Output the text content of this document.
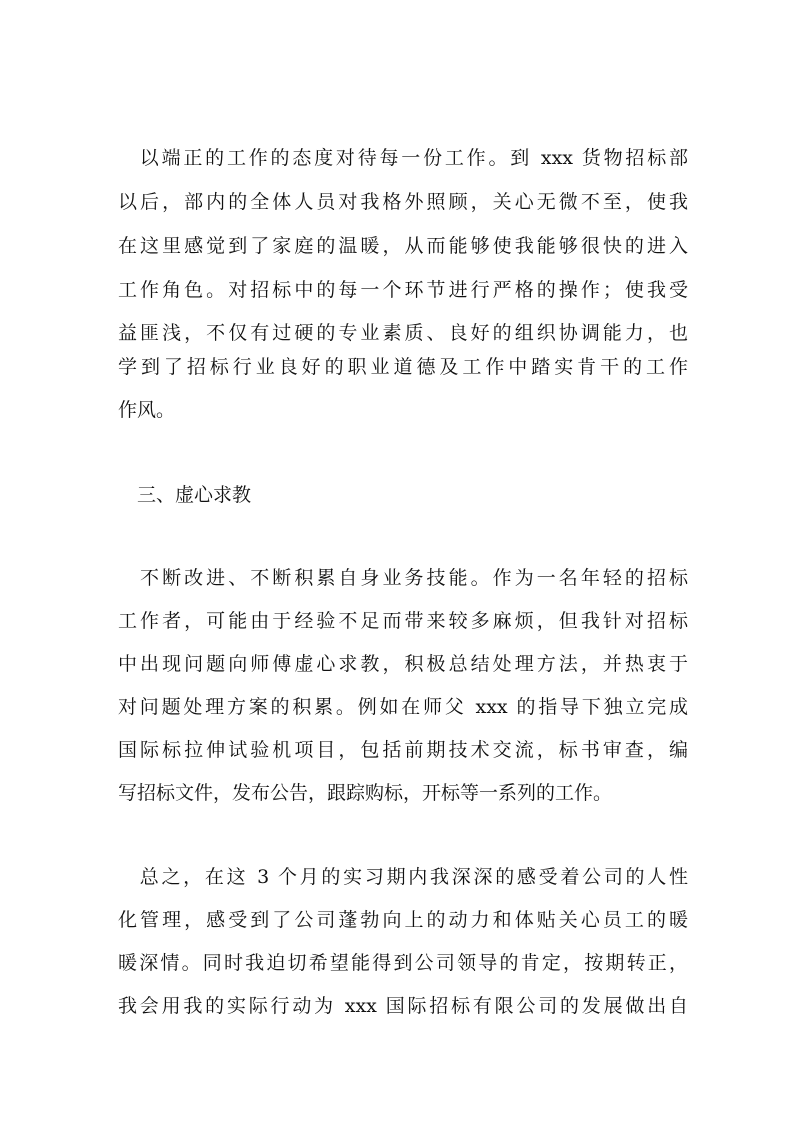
　以端正的工作的态度对待每一份工作。到 xxx 货物招标部
以后，部内的全体人员对我格外照顾，关心无微不至，使我
在这里感觉到了家庭的温暖，从而能够使我能够很快的进入
工作角色。对招标中的每一个环节进行严格的操作；使我受
益匪浅，不仅有过硬的专业素质、良好的组织协调能力，也
学到了招标行业良好的职业道德及工作中踏实肯干的工作
作风。
　三、虚心求教
　不断改进、不断积累自身业务技能。作为一名年轻的招标
工作者，可能由于经验不足而带来较多麻烦，但我针对招标
中出现问题向师傅虚心求教，积极总结处理方法，并热衷于
对问题处理方案的积累。例如在师父 xxx 的指导下独立完成
国际标拉伸试验机项目，包括前期技术交流，标书审查，编
写招标文件，发布公告，跟踪购标，开标等一系列的工作。
　总之，在这 3 个月的实习期内我深深的感受着公司的人性
化管理，感受到了公司蓬勃向上的动力和体贴关心员工的暖
暖深情。同时我迫切希望能得到公司领导的肯定，按期转正，
我会用我的实际行动为 xxx 国际招标有限公司的发展做出自
